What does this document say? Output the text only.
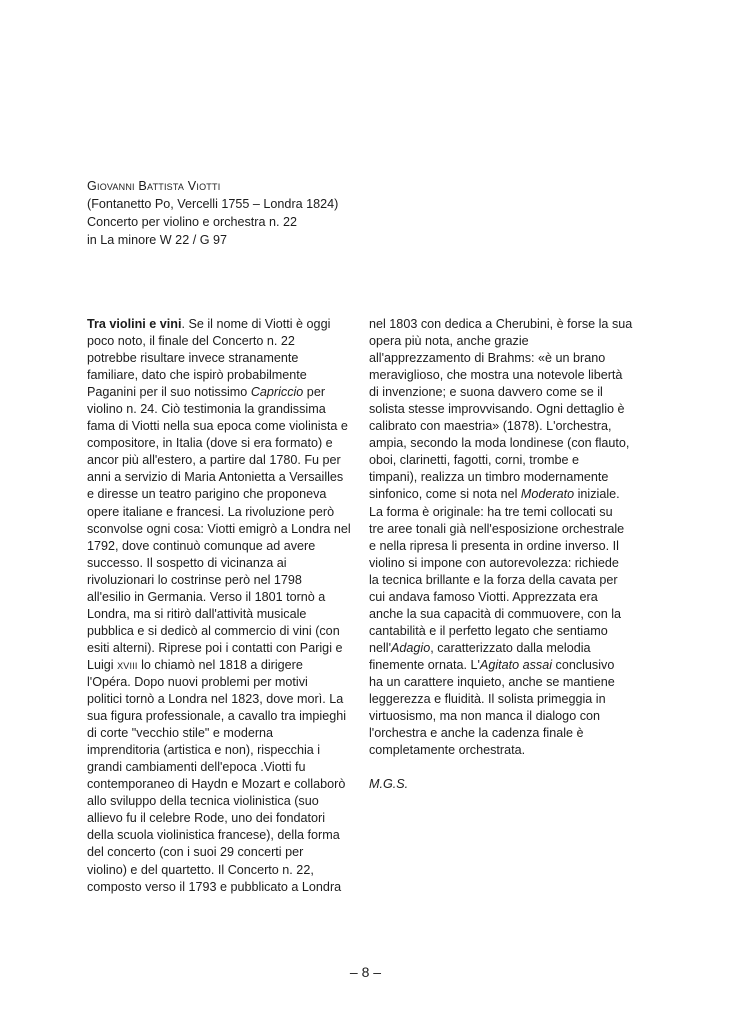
Giovanni Battista Viotti
(Fontanetto Po, Vercelli 1755 – Londra 1824)
Concerto per violino e orchestra n. 22
in La minore W 22 / G 97
Tra violini e vini. Se il nome di Viotti è oggi
poco noto, il finale del Concerto n. 22
potrebbe risultare invece stranamente
familiare, dato che ispirò probabilmente
Paganini per il suo notissimo Capriccio per
violino n. 24. Ciò testimonia la grandissima
fama di Viotti nella sua epoca come violinista e
compositore, in Italia (dove si era formato) e
ancor più all'estero, a partire dal 1780. Fu per
anni a servizio di Maria Antonietta a Versailles
e diresse un teatro parigino che proponeva
opere italiane e francesi. La rivoluzione però
sconvolse ogni cosa: Viotti emigrò a Londra nel
1792, dove continuò comunque ad avere
successo. Il sospetto di vicinanza ai
rivoluzionari lo costrinse però nel 1798
all'esilio in Germania. Verso il 1801 tornò a
Londra, ma si ritirò dall'attività musicale
pubblica e si dedicò al commercio di vini (con
esiti alterni). Riprese poi i contatti con Parigi e
Luigi xviii lo chiamò nel 1818 a dirigere
l'Opéra. Dopo nuovi problemi per motivi
politici tornò a Londra nel 1823, dove morì. La
sua figura professionale, a cavallo tra impieghi
di corte "vecchio stile" e moderna
imprenditoria (artistica e non), rispecchia i
grandi cambiamenti dell'epoca .Viotti fu
contemporaneo di Haydn e Mozart e collaborò
allo sviluppo della tecnica violinistica (suo
allievo fu il celebre Rode, uno dei fondatori
della scuola violinistica francese), della forma
del concerto (con i suoi 29 concerti per
violino) e del quartetto. Il Concerto n. 22,
composto verso il 1793 e pubblicato a Londra
nel 1803 con dedica a Cherubini, è forse la sua
opera più nota, anche grazie
all'apprezzamento di Brahms: «è un brano
meraviglioso, che mostra una notevole libertà
di invenzione; e suona davvero come se il
solista stesse improvvisando. Ogni dettaglio è
calibrato con maestria» (1878). L'orchestra,
ampia, secondo la moda londinese (con flauto,
oboi, clarinetti, fagotti, corni, trombe e
timpani), realizza un timbro modernamente
sinfonico, come si nota nel Moderato iniziale.
La forma è originale: ha tre temi collocati su
tre aree tonali già nell'esposizione orchestrale
e nella ripresa li presenta in ordine inverso. Il
violino si impone con autorevolezza: richiede
la tecnica brillante e la forza della cavata per
cui andava famoso Viotti. Apprezzata era
anche la sua capacità di commuovere, con la
cantabilità e il perfetto legato che sentiamo
nell'Adagio, caratterizzato dalla melodia
finemente ornata. L'Agitato assai conclusivo
ha un carattere inquieto, anche se mantiene
leggerezza e fluidità. Il solista primeggia in
virtuosismo, ma non manca il dialogo con
l'orchestra e anche la cadenza finale è
completamente orchestrata.
M.G.S.
– 8 –
